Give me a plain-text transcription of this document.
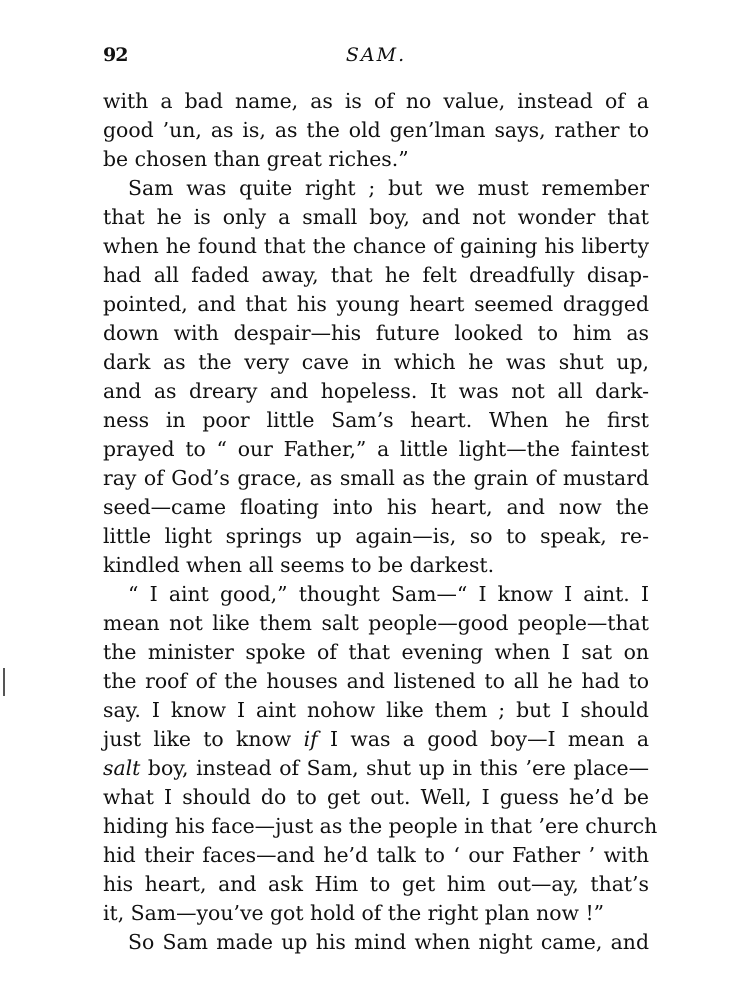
92	SAM.
with a bad name, as is of no value, instead of a
good ’un, as is, as the old gen’lman says, rather to
be chosen than great riches.”
Sam was quite right ; but we must remember
that he is only a small boy, and not wonder that
when he found that the chance of gaining his liberty
had all faded away, that he felt dreadfully disap-
pointed, and that his young heart seemed dragged
down with despair—his future looked to him as
dark as the very cave in which he was shut up,
and as dreary and hopeless. It was not all dark-
ness in poor little Sam’s heart. When he first
prayed to “ our Father,” a little light—the faintest
ray of God’s grace, as small as the grain of mustard
seed—came floating into his heart, and now the
little light springs up again—is, so to speak, re-
kindled when all seems to be darkest.
“ I aint good,” thought Sam—“ I know I aint. I
mean not like them salt people—good people—that
the minister spoke of that evening when I sat on
the roof of the houses and listened to all he had to
say. I know I aint nohow like them ; but I should
just like to know if I was a good boy—I mean a
salt boy, instead of Sam, shut up in this ’ere place—
what I should do to get out. Well, I guess he’d be
hiding his face—just as the people in that ’ere church
hid their faces—and he’d talk to ‘ our Father ’ with
his heart, and ask Him to get him out—ay, that’s
it, Sam—you’ve got hold of the right plan now !”
So Sam made up his mind when night came, and
